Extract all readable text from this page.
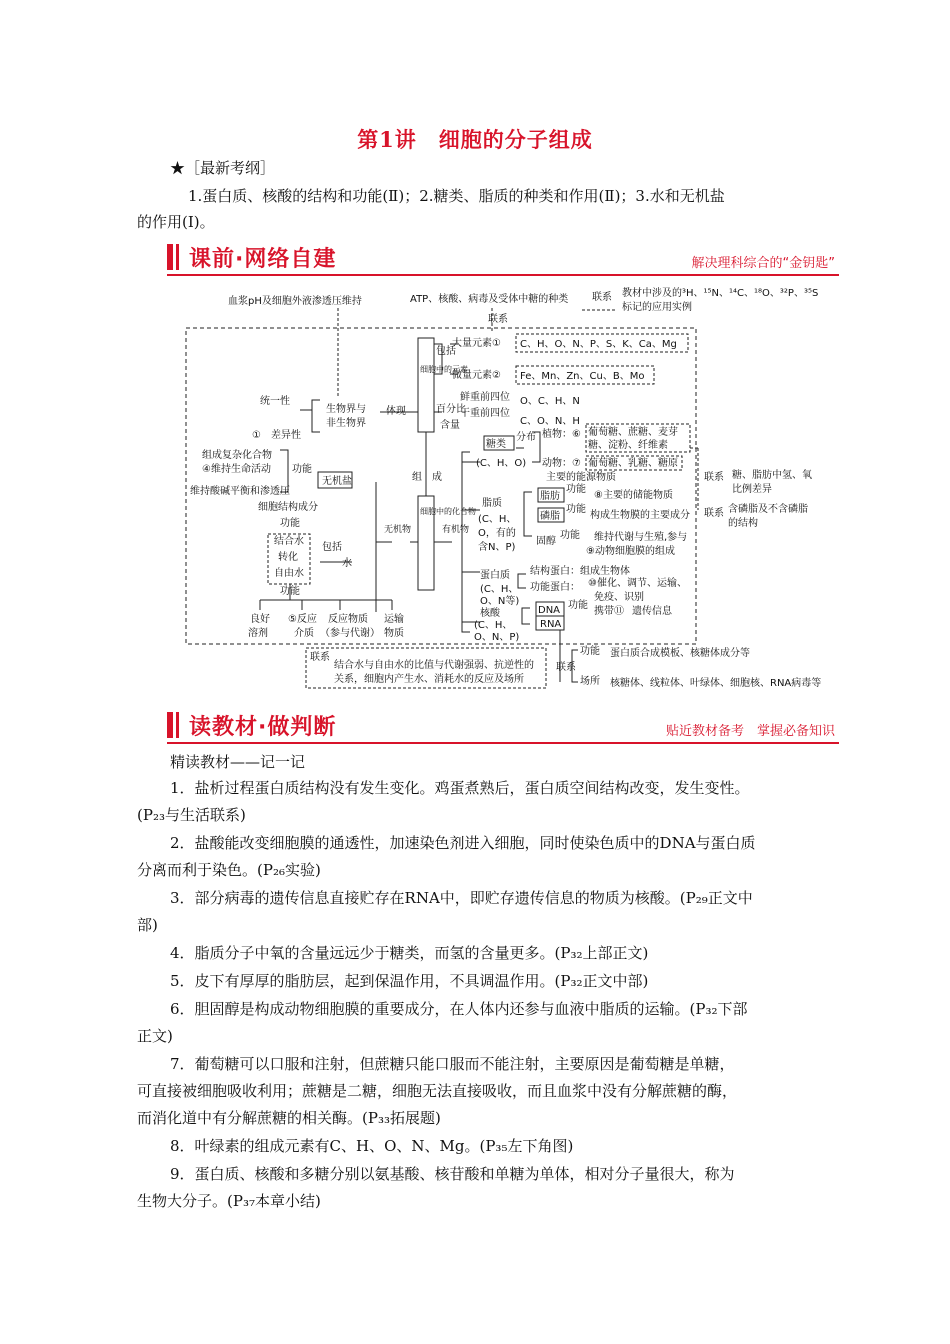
第1讲　细胞的分子组成
★［最新考纲］
1.蛋白质、核酸的结构和功能(Ⅱ)；2.糖类、脂质的种类和作用(Ⅱ)；3.水和无机盐
的作用(Ⅰ)。
课前·网络自建	解决理科综合的“金钥匙”
血浆pH及细胞外液渗透压维持	ATP、核酸、病毒及受体中糖的种类 联系 教材中涉及的³H、¹⁵N、¹⁴C、¹⁸O、³²P、³⁵S
标记的应用实例
联系
大量元素① C、H、O、N、P、S、K、Ca、Mg
微量元素② Fe、Mn、Zn、Cu、B、Mo
包括
鲜重前四位 O、C、H、N
干重前四位
C、O、N、H
百分比
含量
体现
统一性
①　差异性
生物界与
非生物界
组　成
细胞中的化合物
细胞中的元素
糖类
(C、H、O)
分布 植物：⑥ 葡萄糖、蔗糖、麦芽
糖、淀粉、纤维素
动物：⑦ 葡萄糖、乳糖、糖原
主要的能源物质	联系 糖、脂肪中氢、氧
比例差异
脂质
(C、H、
O，有的
含N、P)
脂肪
磷脂
功能
⑧主要的储能物质
功能
构成生物膜的主要成分 联系 含磷脂及不含磷脂
的结构
固醇
功能 维持代谢与生殖,参与
⑨动物细胞膜的组成
蛋白质
(C、H、
O、N等)
结构蛋白：组成生物体
功能蛋白： ⑩催化、调节、运输、
免疫、识别
核酸
(C、H、
O、N、P)
DNA
RNA
功能
携带⑪ 遗传信息
无机物	有机物
水
无机盐
组成复杂化合物
④维持生命活动
维持酸碱平衡和渗透压
功能
细胞结构成分
功能
结合水
转化
自由水
功能
包括
良好
溶剂
⑤反应
介质
反应物质
（参与代谢）
运输
物质
联系
结合水与自由水的比值与代谢强弱、抗逆性的
关系，细胞内产生水、消耗水的反应及场所
联系
功能 蛋白质合成模板、核糖体成分等
场所 核糖体、线粒体、叶绿体、细胞核、RNA病毒等
读教材·做判断	贴近教材备考　掌握必备知识
精读教材——记一记
1．盐析过程蛋白质结构没有发生变化。鸡蛋煮熟后，蛋白质空间结构改变，发生变性。
(P₂₃与生活联系)
2．盐酸能改变细胞膜的通透性，加速染色剂进入细胞，同时使染色质中的DNA与蛋白质
分离而利于染色。(P₂₆实验)
3．部分病毒的遗传信息直接贮存在RNA中，即贮存遗传信息的物质为核酸。(P₂₉正文中
部)
4．脂质分子中氧的含量远远少于糖类，而氢的含量更多。(P₃₂上部正文)
5．皮下有厚厚的脂肪层，起到保温作用，不具调温作用。(P₃₂正文中部)
6．胆固醇是构成动物细胞膜的重要成分，在人体内还参与血液中脂质的运输。(P₃₂下部
正文)
7．葡萄糖可以口服和注射，但蔗糖只能口服而不能注射，主要原因是葡萄糖是单糖，
可直接被细胞吸收利用；蔗糖是二糖，细胞无法直接吸收，而且血浆中没有分解蔗糖的酶，
而消化道中有分解蔗糖的相关酶。(P₃₃拓展题)
8．叶绿素的组成元素有C、H、O、N、Mg。(P₃₅左下角图)
9．蛋白质、核酸和多糖分别以氨基酸、核苷酸和单糖为单体，相对分子量很大，称为
生物大分子。(P₃₇本章小结)
